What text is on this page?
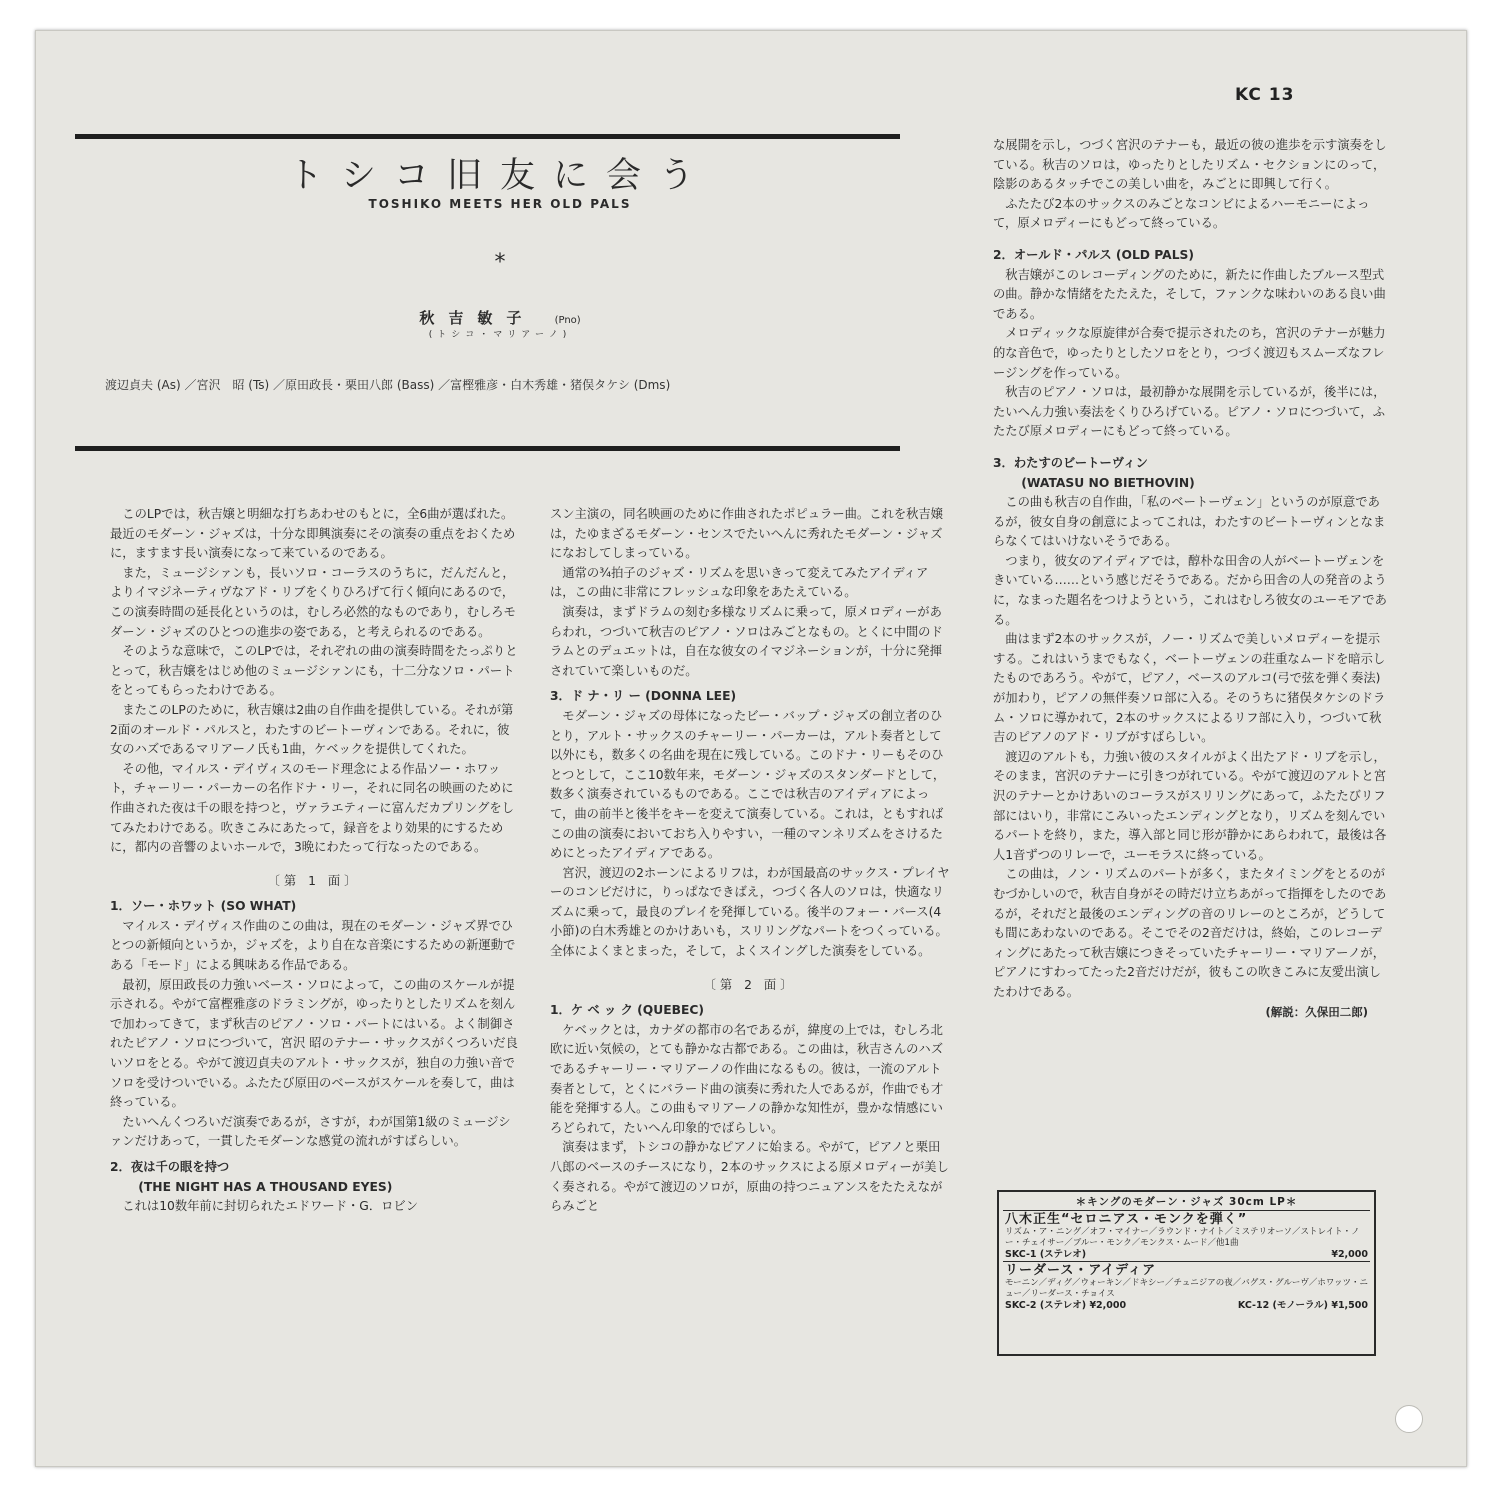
KC 13
トシコ旧友に会う
TOSHIKO MEETS HER OLD PALS
*
秋吉敏子 (Pno)
(トシコ・マリアーノ)
渡辺貞夫 (As) ／宮沢　昭 (Ts) ／原田政長・栗田八郎 (Bass) ／富樫雅彦・白木秀雄・猪俣タケシ (Dms)

このLPでは，秋吉嬢と明細な打ちあわせのもとに，全6曲が選ばれた。最近のモダーン・ジャズは，十分な即興演奏にその演奏の重点をおくために，ますます長い演奏になって来ているのである。

また，ミュージシァンも，長いソロ・コーラスのうちに，だんだんと，よりイマジネーティヴなアド・リブをくりひろげて行く傾向にあるので，この演奏時間の延長化というのは，むしろ必然的なものであり，むしろモダーン・ジャズのひとつの進歩の姿である，と考えられるのである。

そのような意味で，このLPでは，それぞれの曲の演奏時間をたっぷりととって，秋吉嬢をはじめ他のミュージシァンにも，十二分なソロ・パートをとってもらったわけである。

またこのLPのために，秋吉嬢は2曲の自作曲を提供している。それが第2面のオールド・パルスと，わたすのビートーヴィンである。それに，彼女のハズであるマリアーノ氏も1曲，ケベックを提供してくれた。

その他，マイルス・デイヴィスのモード理念による作品ソー・ホワット，チャーリー・パーカーの名作ドナ・リー，それに同名の映画のために作曲された夜は千の眼を持つと，ヴァラエティーに富んだカプリングをしてみたわけである。吹きこみにあたって，録音をより効果的にするために，都内の音響のよいホールで，3晩にわたって行なったのである。

〔第 1 面〕

1．ソー・ホワット (SO WHAT)

マイルス・デイヴィス作曲のこの曲は，現在のモダーン・ジャズ界でひとつの新傾向というか，ジャズを，より自在な音楽にするための新運動である「モード」による興味ある作品である。

最初，原田政長の力強いベース・ソロによって，この曲のスケールが提示される。やがて富樫雅彦のドラミングが，ゆったりとしたリズムを刻んで加わってきて，まず秋吉のピアノ・ソロ・パートにはいる。よく制御されたピアノ・ソロにつづいて，宮沢 昭のテナー・サックスがくつろいだ良いソロをとる。やがて渡辺貞夫のアルト・サックスが，独自の力強い音でソロを受けついでいる。ふたたび原田のベースがスケールを奏して，曲は終っている。

たいへんくつろいだ演奏であるが，さすが，わが国第1級のミュージシァンだけあって，一貫したモダーンな感覚の流れがすばらしい。

2．夜は千の眼を持つ

(THE NIGHT HAS A THOUSAND EYES)

これは10数年前に封切られたエドワード・G．ロビン

スン主演の，同名映画のために作曲されたポピュラー曲。これを秋吉嬢は，たゆまざるモダーン・センスでたいへんに秀れたモダーン・ジャズになおしてしまっている。

通常の¾拍子のジャズ・リズムを思いきって変えてみたアイディアは，この曲に非常にフレッシュな印象をあたえている。

演奏は，まずドラムの刻む多様なリズムに乗って，原メロディーがあらわれ，つづいて秋吉のピアノ・ソロはみごとなもの。とくに中間のドラムとのデュエットは，自在な彼女のイマジネーションが，十分に発揮されていて楽しいものだ。

3．ド ナ・リ ー (DONNA LEE)

モダーン・ジャズの母体になったビー・バップ・ジャズの創立者のひとり，アルト・サックスのチャーリー・パーカーは，アルト奏者として以外にも，数多くの名曲を現在に残している。このドナ・リーもそのひとつとして，ここ10数年来，モダーン・ジャズのスタンダードとして，数多く演奏されているものである。ここでは秋吉のアイディアによって，曲の前半と後半をキーを変えて演奏している。これは，ともすればこの曲の演奏においておち入りやすい，一種のマンネリズムをさけるためにとったアイディアである。

宮沢，渡辺の2ホーンによるリフは，わが国最高のサックス・プレイヤーのコンビだけに，りっぱなできばえ，つづく各人のソロは，快適なリズムに乗って，最良のプレイを発揮している。後半のフォー・バース(4小節)の白木秀雄とのかけあいも，スリリングなパートをつくっている。全体によくまとまった，そして，よくスイングした演奏をしている。

〔第 2 面〕

1．ケ ベ ッ ク (QUEBEC)

ケベックとは，カナダの都市の名であるが，緯度の上では，むしろ北欧に近い気候の，とても静かな古都である。この曲は，秋吉さんのハズであるチャーリー・マリアーノの作曲になるもの。彼は，一流のアルト奏者として，とくにバラード曲の演奏に秀れた人であるが，作曲でも才能を発揮する人。この曲もマリアーノの静かな知性が，豊かな情感にいろどられて，たいへん印象的でばらしい。

演奏はまず，トシコの静かなピアノに始まる。やがて，ピアノと栗田八郎のベースのチースになり，2本のサックスによる原メロディーが美しく奏される。やがて渡辺のソロが，原曲の持つニュアンスをたたえながらみごと

な展開を示し，つづく宮沢のテナーも，最近の彼の進歩を示す演奏をしている。秋吉のソロは，ゆったりとしたリズム・セクションにのって，陰影のあるタッチでこの美しい曲を，みごとに即興して行く。

ふたたび2本のサックスのみごとなコンビによるハーモニーによって，原メロディーにもどって終っている。

2．オールド・パルス (OLD PALS)

秋吉嬢がこのレコーディングのために，新たに作曲したブルース型式の曲。静かな情緒をたたえた，そして，ファンクな味わいのある良い曲である。

メロディックな原旋律が合奏で提示されたのち，宮沢のテナーが魅力的な音色で，ゆったりとしたソロをとり，つづく渡辺もスムーズなフレージングを作っている。

秋吉のピアノ・ソロは，最初静かな展開を示しているが，後半には，たいへん力強い奏法をくりひろげている。ピアノ・ソロにつづいて，ふたたび原メロディーにもどって終っている。

3．わたすのビートーヴィン

(WATASU NO BIETHOVIN)

この曲も秋吉の自作曲，「私のベートーヴェン」というのが原意であるが，彼女自身の創意によってこれは，わたすのビートーヴィンとなまらなくてはいけないそうである。

つまり，彼女のアイディアでは，醇朴な田舎の人がベートーヴェンをきいている……という感じだそうである。だから田舎の人の発音のように，なまった題名をつけようという，これはむしろ彼女のユーモアである。

曲はまず2本のサックスが，ノー・リズムで美しいメロディーを提示する。これはいうまでもなく，ベートーヴェンの荘重なムードを暗示したものであろう。やがて，ピアノ，ベースのアルコ(弓で弦を弾く奏法)が加わり，ピアノの無伴奏ソロ部に入る。そのうちに猪俣タケシのドラム・ソロに導かれて，2本のサックスによるリフ部に入り，つづいて秋吉のピアノのアド・リブがすばらしい。

渡辺のアルトも，力強い彼のスタイルがよく出たアド・リブを示し，そのまま，宮沢のテナーに引きつがれている。やがて渡辺のアルトと宮沢のテナーとかけあいのコーラスがスリリングにあって，ふたたびリフ部にはいり，非常にこみいったエンディングとなり，リズムを刻んでいるパートを終り，また，導入部と同じ形が静かにあらわれて，最後は各人1音ずつのリレーで，ユーモラスに終っている。

この曲は，ノン・リズムのパートが多く，またタイミングをとるのがむづかしいので，秋吉自身がその時だけ立ちあがって指揮をしたのであるが，それだと最後のエンディングの音のリレーのところが，どうしても間にあわないのである。そこでその2音だけは，終始，このレコーディングにあたって秋吉嬢につきそっていたチャーリー・マリアーノが，ピアノにすわってたった2音だけだが，彼もこの吹きこみに友愛出演したわけである。

(解説：久保田二郎)

＊キングのモダーン・ジャズ 30cm LP＊
八木正生“セロニアス・モンクを弾く”
リズム・ア・ニング／オフ・マイナー／ラウンド・ナイト／ミステリオーソ／ストレイト・ノー・チェイサー／ブルー・モンク／モンクス・ムード／他1曲
SKC-1 (ステレオ)	¥2,000
リーダース・アイディア
モーニン／ディグ／ウォーキン／ドキシー／チュニジアの夜／バグス・グルーヴ／ホワッツ・ニュー／リーダース・チョイス
SKC-2 (ステレオ) ¥2,000	KC-12 (モノーラル) ¥1,500
